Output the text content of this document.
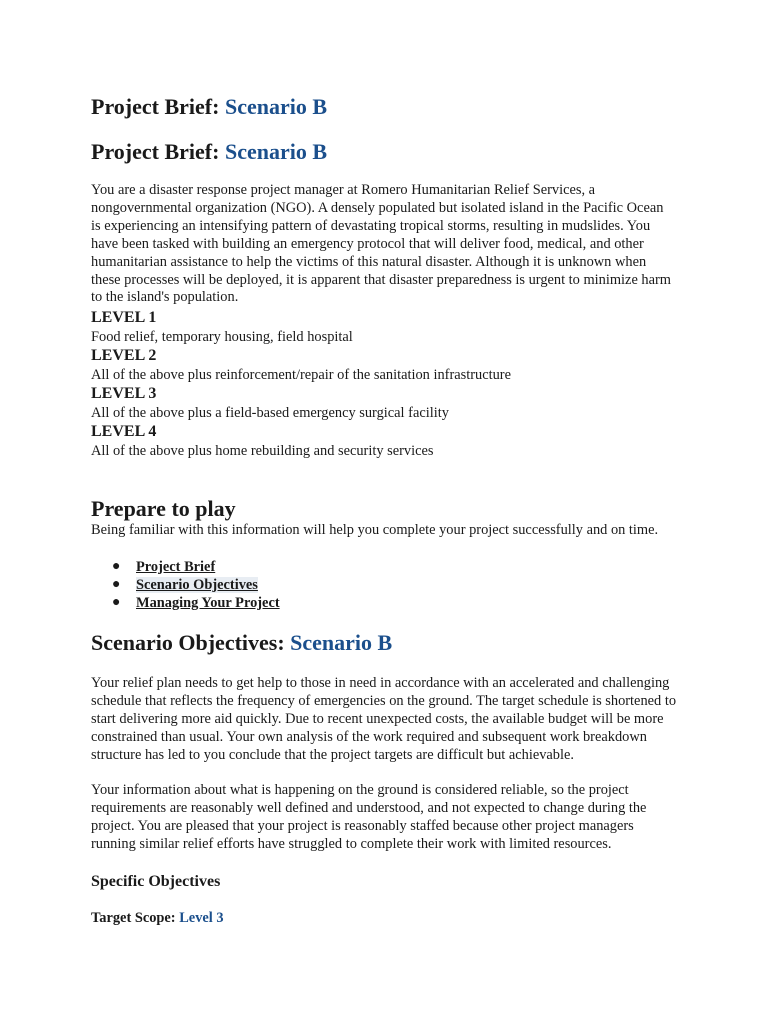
Project Brief: Scenario B
Project Brief: Scenario B

You are a disaster response project manager at Romero Humanitarian Relief Services, a nongovernmental organization (NGO). A densely populated but isolated island in the Pacific Ocean is experiencing an intensifying pattern of devastating tropical storms, resulting in mudslides. You have been tasked with building an emergency protocol that will deliver food, medical, and other humanitarian assistance to help the victims of this natural disaster. Although it is unknown when these processes will be deployed, it is apparent that disaster preparedness is urgent to minimize harm to the island's population.

LEVEL 1
Food relief, temporary housing, field hospital
LEVEL 2
All of the above plus reinforcement/repair of the sanitation infrastructure
LEVEL 3
All of the above plus a field-based emergency surgical facility
LEVEL 4
All of the above plus home rebuilding and security services
Prepare to play

Being familiar with this information will help you complete your project successfully and on time.

● Project Brief
● Scenario Objectives
● Managing Your Project
Scenario Objectives: Scenario B

Your relief plan needs to get help to those in need in accordance with an accelerated and challenging schedule that reflects the frequency of emergencies on the ground. The target schedule is shortened to start delivering more aid quickly. Due to recent unexpected costs, the available budget will be more constrained than usual. Your own analysis of the work required and subsequent work breakdown structure has led to you conclude that the project targets are difficult but achievable.

Your information about what is happening on the ground is considered reliable, so the project requirements are reasonably well defined and understood, and not expected to change during the project. You are pleased that your project is reasonably staffed because other project managers running similar relief efforts have struggled to complete their work with limited resources.

Specific Objectives
Target Scope: Level 3
